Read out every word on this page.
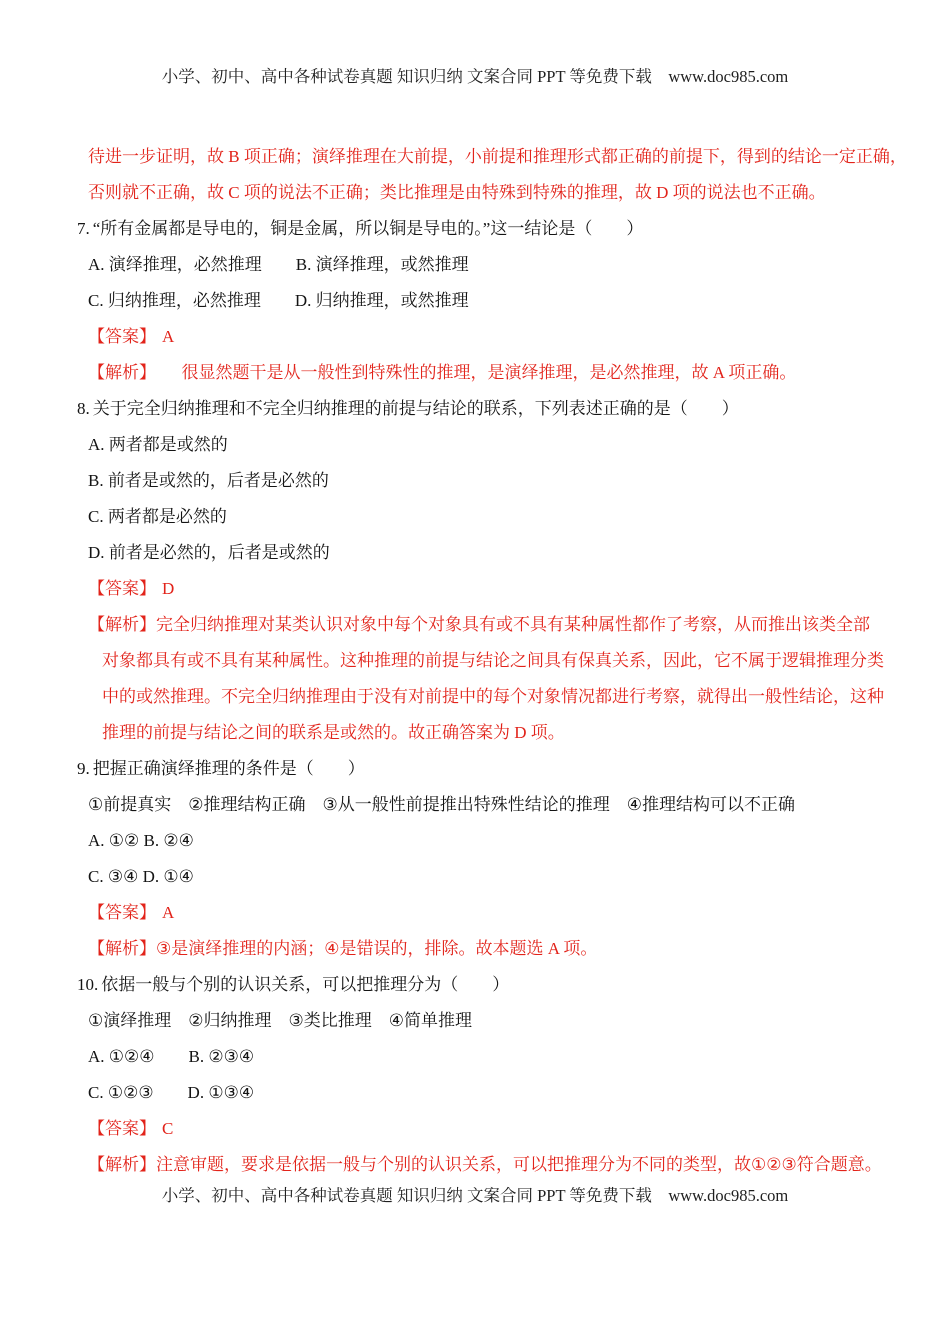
小学、初中、高中各种试卷真题 知识归纳 文案合同 PPT 等免费下载　www.doc985.com
待进一步证明，故 B 项正确；演绎推理在大前提，小前提和推理形式都正确的前提下，得到的结论一定正确，
否则就不正确，故 C 项的说法不正确；类比推理是由特殊到特殊的推理，故 D 项的说法也不正确。
7. “所有金属都是导电的，铜是金属，所以铜是导电的。”这一结论是（　　）
A. 演绎推理，必然推理　　B. 演绎推理，或然推理
C. 归纳推理，必然推理　　D. 归纳推理，或然推理
【答案】 A
【解析】　　很显然题干是从一般性到特殊性的推理，是演绎推理，是必然推理，故 A 项正确。
8. 关于完全归纳推理和不完全归纳推理的前提与结论的联系，下列表述正确的是（　　）
A. 两者都是或然的
B. 前者是或然的，后者是必然的
C. 两者都是必然的
D. 前者是必然的，后者是或然的
【答案】 D
【解析】完全归纳推理对某类认识对象中每个对象具有或不具有某种属性都作了考察，从而推出该类全部
对象都具有或不具有某种属性。这种推理的前提与结论之间具有保真关系，因此，它不属于逻辑推理分类
中的或然推理。不完全归纳推理由于没有对前提中的每个对象情况都进行考察，就得出一般性结论，这种
推理的前提与结论之间的联系是或然的。故正确答案为 D 项。
9. 把握正确演绎推理的条件是（　　）
①前提真实　②推理结构正确　③从一般性前提推出特殊性结论的推理　④推理结构可以不正确
A. ①② B. ②④
C. ③④ D. ①④
【答案】 A
【解析】③是演绎推理的内涵；④是错误的，排除。故本题选 A 项。
10. 依据一般与个别的认识关系，可以把推理分为（　　）
①演绎推理　②归纳推理　③类比推理　④简单推理
A. ①②④　　B. ②③④
C. ①②③　　D. ①③④
【答案】 C
【解析】注意审题，要求是依据一般与个别的认识关系，可以把推理分为不同的类型，故①②③符合题意。
小学、初中、高中各种试卷真题 知识归纳 文案合同 PPT 等免费下载　www.doc985.com
